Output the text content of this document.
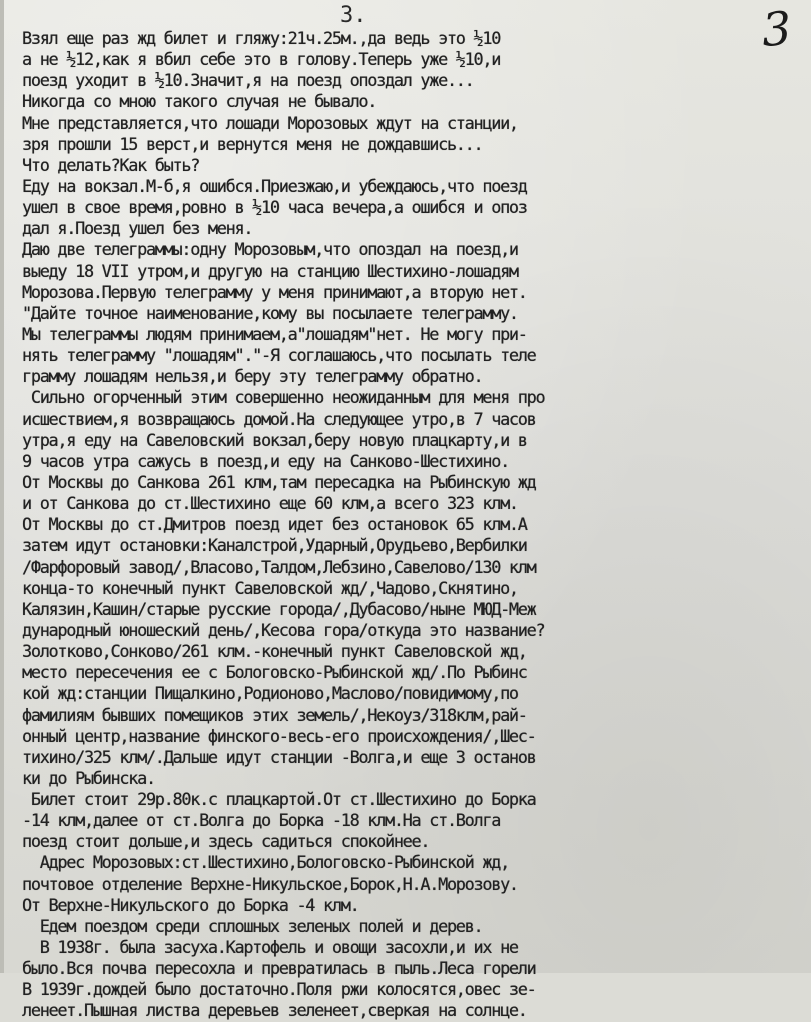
3.	3
Взял еще раз жд билет и гляжу:21ч.25м.,да ведь это ½10
а не ½12,как я вбил себе это в голову.Теперь уже ½10,и
поезд уходит в ½10.Значит,я на поезд опоздал уже...
Никогда со мною такого случая не бывало.
Мне представляется,что лошади Морозовых ждут на станции,
зря прошли 15 верст,и вернутся меня не дождавшись...
Что делать?Как быть?
Еду на вокзал.М-б,я ошибся.Приезжаю,и убеждаюсь,что поезд
ушел в свое время,ровно в ½10 часа вечера,а ошибся и опоз
дал я.Поезд ушел без меня.
Даю две телеграммы:одну Морозовым,что опоздал на поезд,и
выеду 18 VII утром,и другую на станцию Шестихино-лошадям
Морозова.Первую телеграмму у меня принимают,а вторую нет.
"Дайте точное наименование,кому вы посылаете телеграмму.
Мы телеграммы людям принимаем,а"лошадям"нет. Не могу при-
нять телеграмму "лошадям"."-Я соглашаюсь,что посылать теле
грамму лошадям нельзя,и беру эту телеграмму обратно.
Сильно огорченный этим совершенно неожиданным для меня про
исшествием,я возвращаюсь домой.На следующее утро,в 7 часов
утра,я еду на Савеловский вокзал,беру новую плацкарту,и в
9 часов утра сажусь в поезд,и еду на Санково-Шестихино.
От Москвы до Санкова 261 клм,там пересадка на Рыбинскую жд
и от Санкова до ст.Шестихино еще 60 клм,а всего 323 клм.
От Москвы до ст.Дмитров поезд идет без остановок 65 клм.А
затем идут остановки:Каналстрой,Ударный,Орудьево,Вербилки
/Фарфоровый завод/,Власово,Талдом,Лебзино,Савелово/130 клм
конца-то конечный пункт Савеловской жд/,Чадово,Скнятино,
Калязин,Кашин/старые русские города/,Дубасово/ныне МЮД-Меж
дународный юношеский день/,Кесова гора/откуда это название?
Золотково,Сонково/261 клм.-конечный пункт Савеловской жд,
место пересечения ее с Бологовско-Рыбинской жд/.По Рыбинс
кой жд:станции Пищалкино,Родионово,Маслово/повидимому,по
фамилиям бывших помещиков этих земель/,Некоуз/318клм,рай-
онный центр,название финского-весь-его происхождения/,Шес-
тихино/325 клм/.Дальше идут станции -Волга,и еще 3 останов
ки до Рыбинска.
Билет стоит 29р.80к.с плацкартой.От ст.Шестихино до Борка
-14 клм,далее от ст.Волга до Борка -18 клм.На ст.Волга
поезд стоит дольше,и здесь садиться спокойнее.
Адрес Морозовых:ст.Шестихино,Бологовско-Рыбинской жд,
почтовое отделение Верхне-Никульское,Борок,Н.А.Морозову.
От Верхне-Никульского до Борка -4 клм.
Едем поездом среди сплошных зеленых полей и дерев.
В 1938г. была засуха.Картофель и овощи засохли,и их не
было.Вся почва пересохла и превратилась в пыль.Леса горели
В 1939г.дождей было достаточно.Поля ржи колосятся,овес зе-
ленеет.Пышная листва деревьев зеленеет,сверкая на солнце.
